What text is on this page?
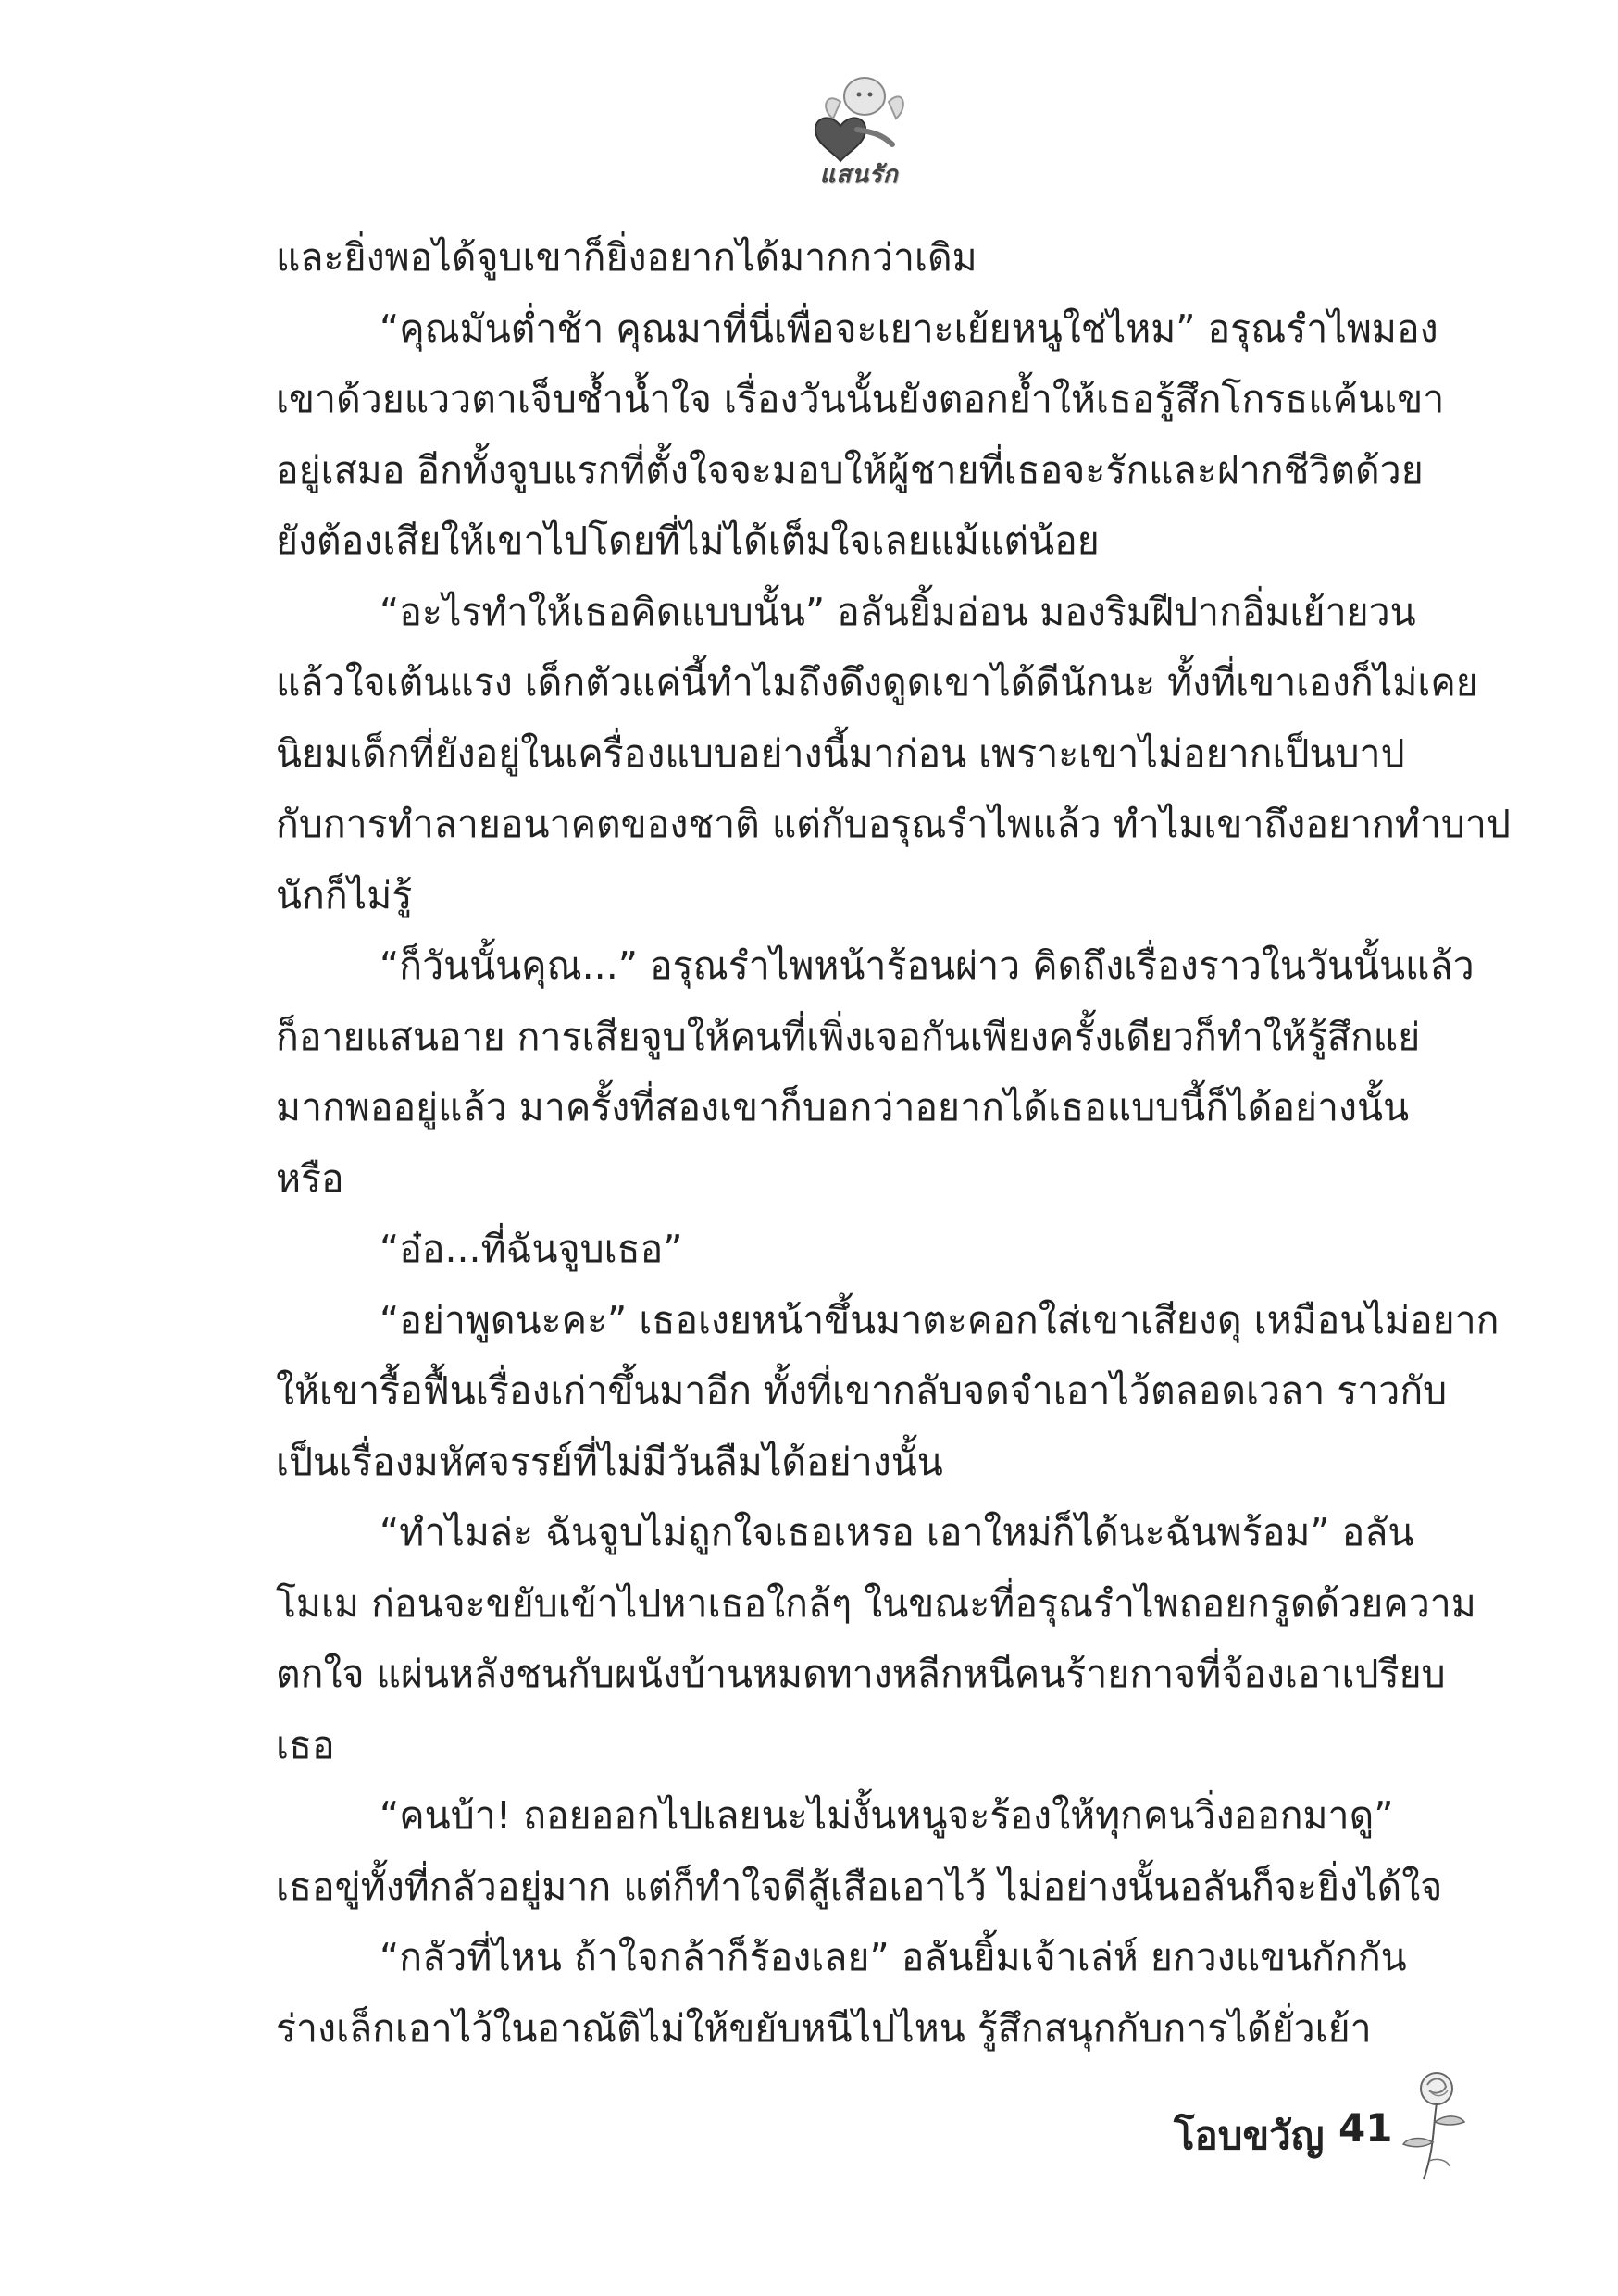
แสนรัก

และยิ่งพอได้จูบเขาก็ยิ่งอยากได้มากกว่าเดิม

“คุณมันต่ำช้า คุณมาที่นี่เพื่อจะเยาะเย้ยหนูใช่ไหม” อรุณรำไพมอง

เขาด้วยแววตาเจ็บช้ำน้ำใจ เรื่องวันนั้นยังตอกย้ำให้เธอรู้สึกโกรธแค้นเขา

อยู่เสมอ อีกทั้งจูบแรกที่ตั้งใจจะมอบให้ผู้ชายที่เธอจะรักและฝากชีวิตด้วย

ยังต้องเสียให้เขาไปโดยที่ไม่ได้เต็มใจเลยแม้แต่น้อย

“อะไรทำให้เธอคิดแบบนั้น” อลันยิ้มอ่อน มองริมฝีปากอิ่มเย้ายวน

แล้วใจเต้นแรง เด็กตัวแค่นี้ทำไมถึงดึงดูดเขาได้ดีนักนะ ทั้งที่เขาเองก็ไม่เคย

นิยมเด็กที่ยังอยู่ในเครื่องแบบอย่างนี้มาก่อน เพราะเขาไม่อยากเป็นบาป

กับการทำลายอนาคตของชาติ แต่กับอรุณรำไพแล้ว ทำไมเขาถึงอยากทำบาป

นักก็ไม่รู้

“ก็วันนั้นคุณ...” อรุณรำไพหน้าร้อนผ่าว คิดถึงเรื่องราวในวันนั้นแล้ว

ก็อายแสนอาย การเสียจูบให้คนที่เพิ่งเจอกันเพียงครั้งเดียวก็ทำให้รู้สึกแย่

มากพออยู่แล้ว มาครั้งที่สองเขาก็บอกว่าอยากได้เธอแบบนี้ก็ได้อย่างนั้น

หรือ

“อ๋อ...ที่ฉันจูบเธอ”

“อย่าพูดนะคะ” เธอเงยหน้าขึ้นมาตะคอกใส่เขาเสียงดุ เหมือนไม่อยาก

ให้เขารื้อฟื้นเรื่องเก่าขึ้นมาอีก ทั้งที่เขากลับจดจำเอาไว้ตลอดเวลา ราวกับ

เป็นเรื่องมหัศจรรย์ที่ไม่มีวันลืมได้อย่างนั้น

“ทำไมล่ะ ฉันจูบไม่ถูกใจเธอเหรอ เอาใหม่ก็ได้นะฉันพร้อม” อลัน

โมเม ก่อนจะขยับเข้าไปหาเธอใกล้ๆ ในขณะที่อรุณรำไพถอยกรูดด้วยความ

ตกใจ แผ่นหลังชนกับผนังบ้านหมดทางหลีกหนีคนร้ายกาจที่จ้องเอาเปรียบ

เธอ

“คนบ้า! ถอยออกไปเลยนะไม่งั้นหนูจะร้องให้ทุกคนวิ่งออกมาดู”

เธอขู่ทั้งที่กลัวอยู่มาก แต่ก็ทำใจดีสู้เสือเอาไว้ ไม่อย่างนั้นอลันก็จะยิ่งได้ใจ

“กลัวที่ไหน ถ้าใจกล้าก็ร้องเลย” อลันยิ้มเจ้าเล่ห์ ยกวงแขนกักกัน

ร่างเล็กเอาไว้ในอาณัติไม่ให้ขยับหนีไปไหน รู้สึกสนุกกับการได้ยั่วเย้า

โอบขวัญ 41
